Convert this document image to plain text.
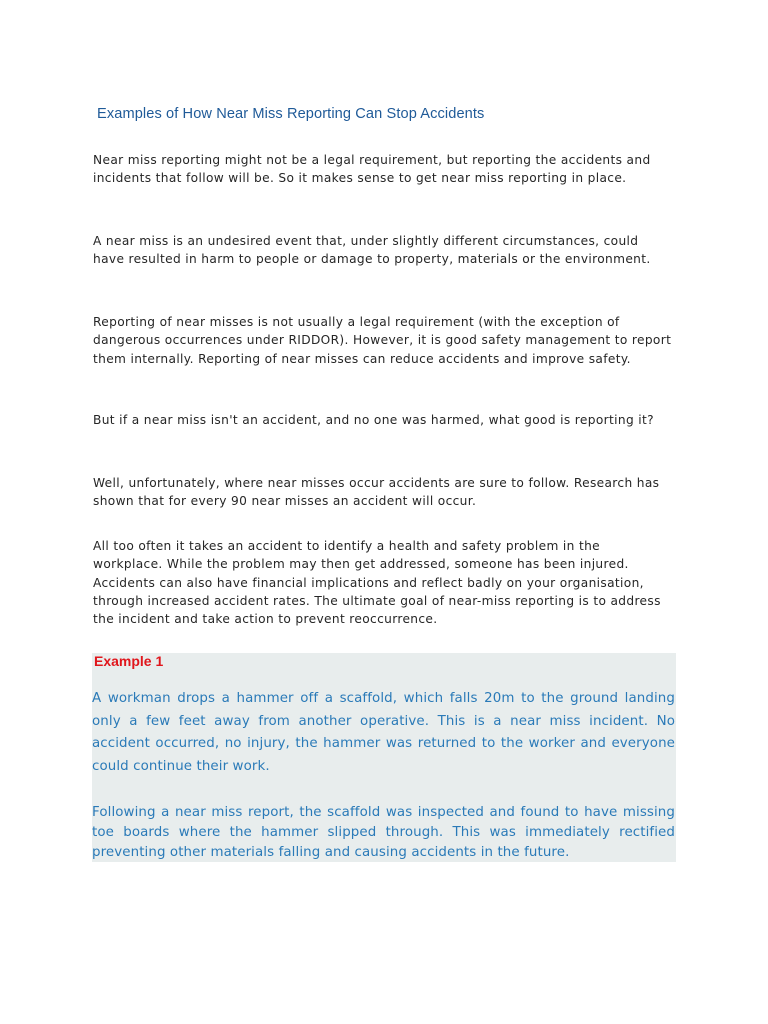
Examples of How Near Miss Reporting Can Stop Accidents

Near miss reporting might not be a legal requirement, but reporting the accidents and incidents that follow will be. So it makes sense to get near miss reporting in place.

A near miss is an undesired event that, under slightly different circumstances, could have resulted in harm to people or damage to property, materials or the environment.

Reporting of near misses is not usually a legal requirement (with the exception of dangerous occurrences under RIDDOR). However, it is good safety management to report them internally. Reporting of near misses can reduce accidents and improve safety.

But if a near miss isn't an accident, and no one was harmed, what good is reporting it?

Well, unfortunately, where near misses occur accidents are sure to follow. Research has shown that for every 90 near misses an accident will occur.

All too often it takes an accident to identify a health and safety problem in the workplace. While the problem may then get addressed, someone has been injured. Accidents can also have financial implications and reflect badly on your organisation, through increased accident rates. The ultimate goal of near-miss reporting is to address the incident and take action to prevent reoccurrence.

Example 1

A workman drops a hammer off a scaffold, which falls 20m to the ground landing only a few feet away from another operative. This is a near miss incident. No accident occurred, no injury, the hammer was returned to the worker and everyone could continue their work.

Following a near miss report, the scaffold was inspected and found to have missing toe boards where the hammer slipped through. This was immediately rectified preventing other materials falling and causing accidents in the future.
